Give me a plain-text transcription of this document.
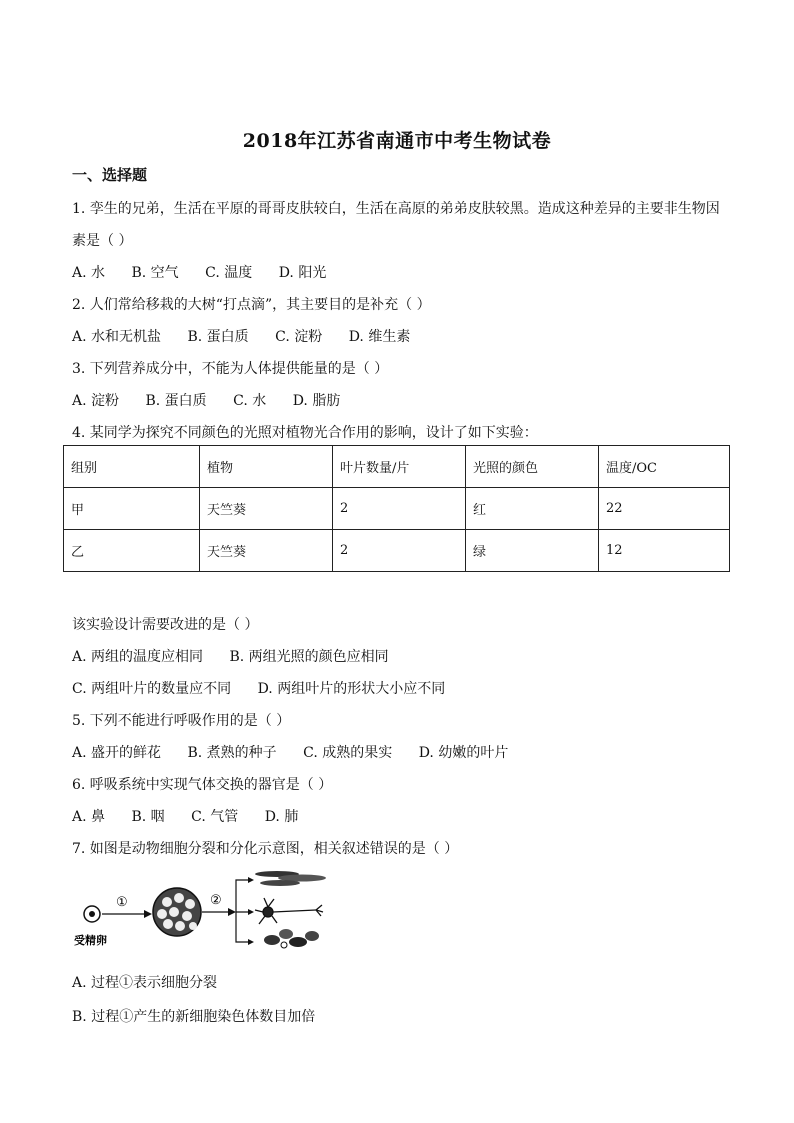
2018年江苏省南通市中考生物试卷
一、选择题
1. 孪生的兄弟，生活在平原的哥哥皮肤较白，生活在高原的弟弟皮肤较黑。造成这种差异的主要非生物因
素是（ ）
A. 水 B. 空气 C. 温度 D. 阳光
2. 人们常给移栽的大树“打点滴”，其主要目的是补充（ ）
A. 水和无机盐 B. 蛋白质 C. 淀粉 D. 维生素
3. 下列营养成分中，不能为人体提供能量的是（ ）
A. 淀粉 B. 蛋白质 C. 水 D. 脂肪
4. 某同学为探究不同颜色的光照对植物光合作用的影响，设计了如下实验：
组别	植物	叶片数量/片	光照的颜色	温度/OC
甲	天竺葵	2	红	22
乙	天竺葵	2	绿	12
该实验设计需要改进的是（ ）
A. 两组的温度应相同 B. 两组光照的颜色应相同
C. 两组叶片的数量应不同 D. 两组叶片的形状大小应不同
5. 下列不能进行呼吸作用的是（ ）
A. 盛开的鲜花 B. 煮熟的种子 C. 成熟的果实 D. 幼嫩的叶片
6. 呼吸系统中实现气体交换的器官是（ ）
A. 鼻 B. 咽 C. 气管 D. 肺
7. 如图是动物细胞分裂和分化示意图，相关叙述错误的是（ ）
受精卵
①	②
A. 过程①表示细胞分裂
B. 过程①产生的新细胞染色体数目加倍
